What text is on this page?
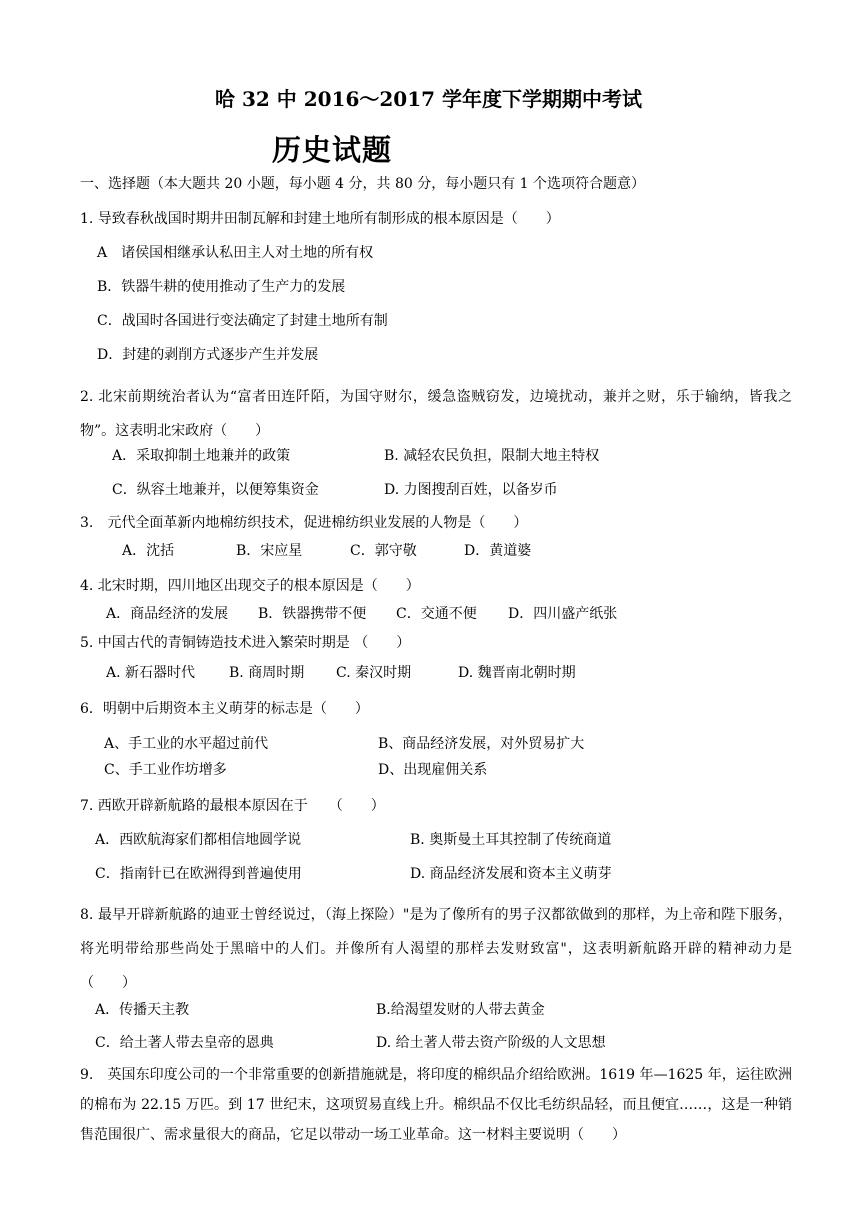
哈 32 中 2016～2017 学年度下学期期中考试
历史试题
一、选择题（本大题共 20 小题，每小题 4 分，共 80 分，每小题只有 1 个选项符合题意）
1. 导致春秋战国时期井田制瓦解和封建土地所有制形成的根本原因是（　　）
A　诸侯国相继承认私田主人对土地的所有权
B．铁器牛耕的使用推动了生产力的发展
C．战国时各国进行变法确定了封建土地所有制
D．封建的剥削方式逐步产生并发展
2. 北宋前期统治者认为“富者田连阡陌，为国守财尔，缓急盗贼窃发，边境扰动，兼并之财，乐于输纳，皆我之物”。这表明北宋政府（　　）
A．采取抑制土地兼并的政策	B. 减轻农民负担，限制大地主特权
C．纵容土地兼并，以便筹集资金	D. 力图搜刮百姓，以备岁币
3.　元代全面革新内地棉纺织技术，促进棉纺织业发展的人物是（　　）
A．沈括	B．宋应星	C．郭守敬	D．黄道婆
4. 北宋时期，四川地区出现交子的根本原因是（　　）
A．商品经济的发展 B．铁器携带不便 C．交通不便 D．四川盛产纸张
5. 中国古代的青铜铸造技术进入繁荣时期是 （　　）
A. 新石器时代 B. 商周时期 C. 秦汉时期	D. 魏晋南北朝时期
6．明朝中后期资本主义萌芽的标志是（　　）
A、手工业的水平超过前代	B、商品经济发展，对外贸易扩大
C、手工业作坊增多	D、出现雇佣关系
7. 西欧开辟新航路的最根本原因在于　　（　　）
A．西欧航海家们都相信地圆学说	B. 奥斯曼土耳其控制了传统商道
C．指南针已在欧洲得到普遍使用	D. 商品经济发展和资本主义萌芽
8. 最早开辟新航路的迪亚士曾经说过，（海上探险）"是为了像所有的男子汉都欲做到的那样，为上帝和陛下服务，将光明带给那些尚处于黑暗中的人们。并像所有人渴望的那样去发财致富"，这表明新航路开辟的精神动力是（　　）
A．传播天主教	B.给渴望发财的人带去黄金
C．给土著人带去皇帝的恩典	D. 给土著人带去资产阶级的人文思想
9.　英国东印度公司的一个非常重要的创新措施就是，将印度的棉织品介绍给欧洲。1619 年—1625 年，运往欧洲的棉布为 22.15 万匹。到 17 世纪末，这项贸易直线上升。棉织品不仅比毛纺织品轻，而且便宜……，这是一种销售范围很广、需求量很大的商品，它足以带动一场工业革命。这一材料主要说明（　　）
